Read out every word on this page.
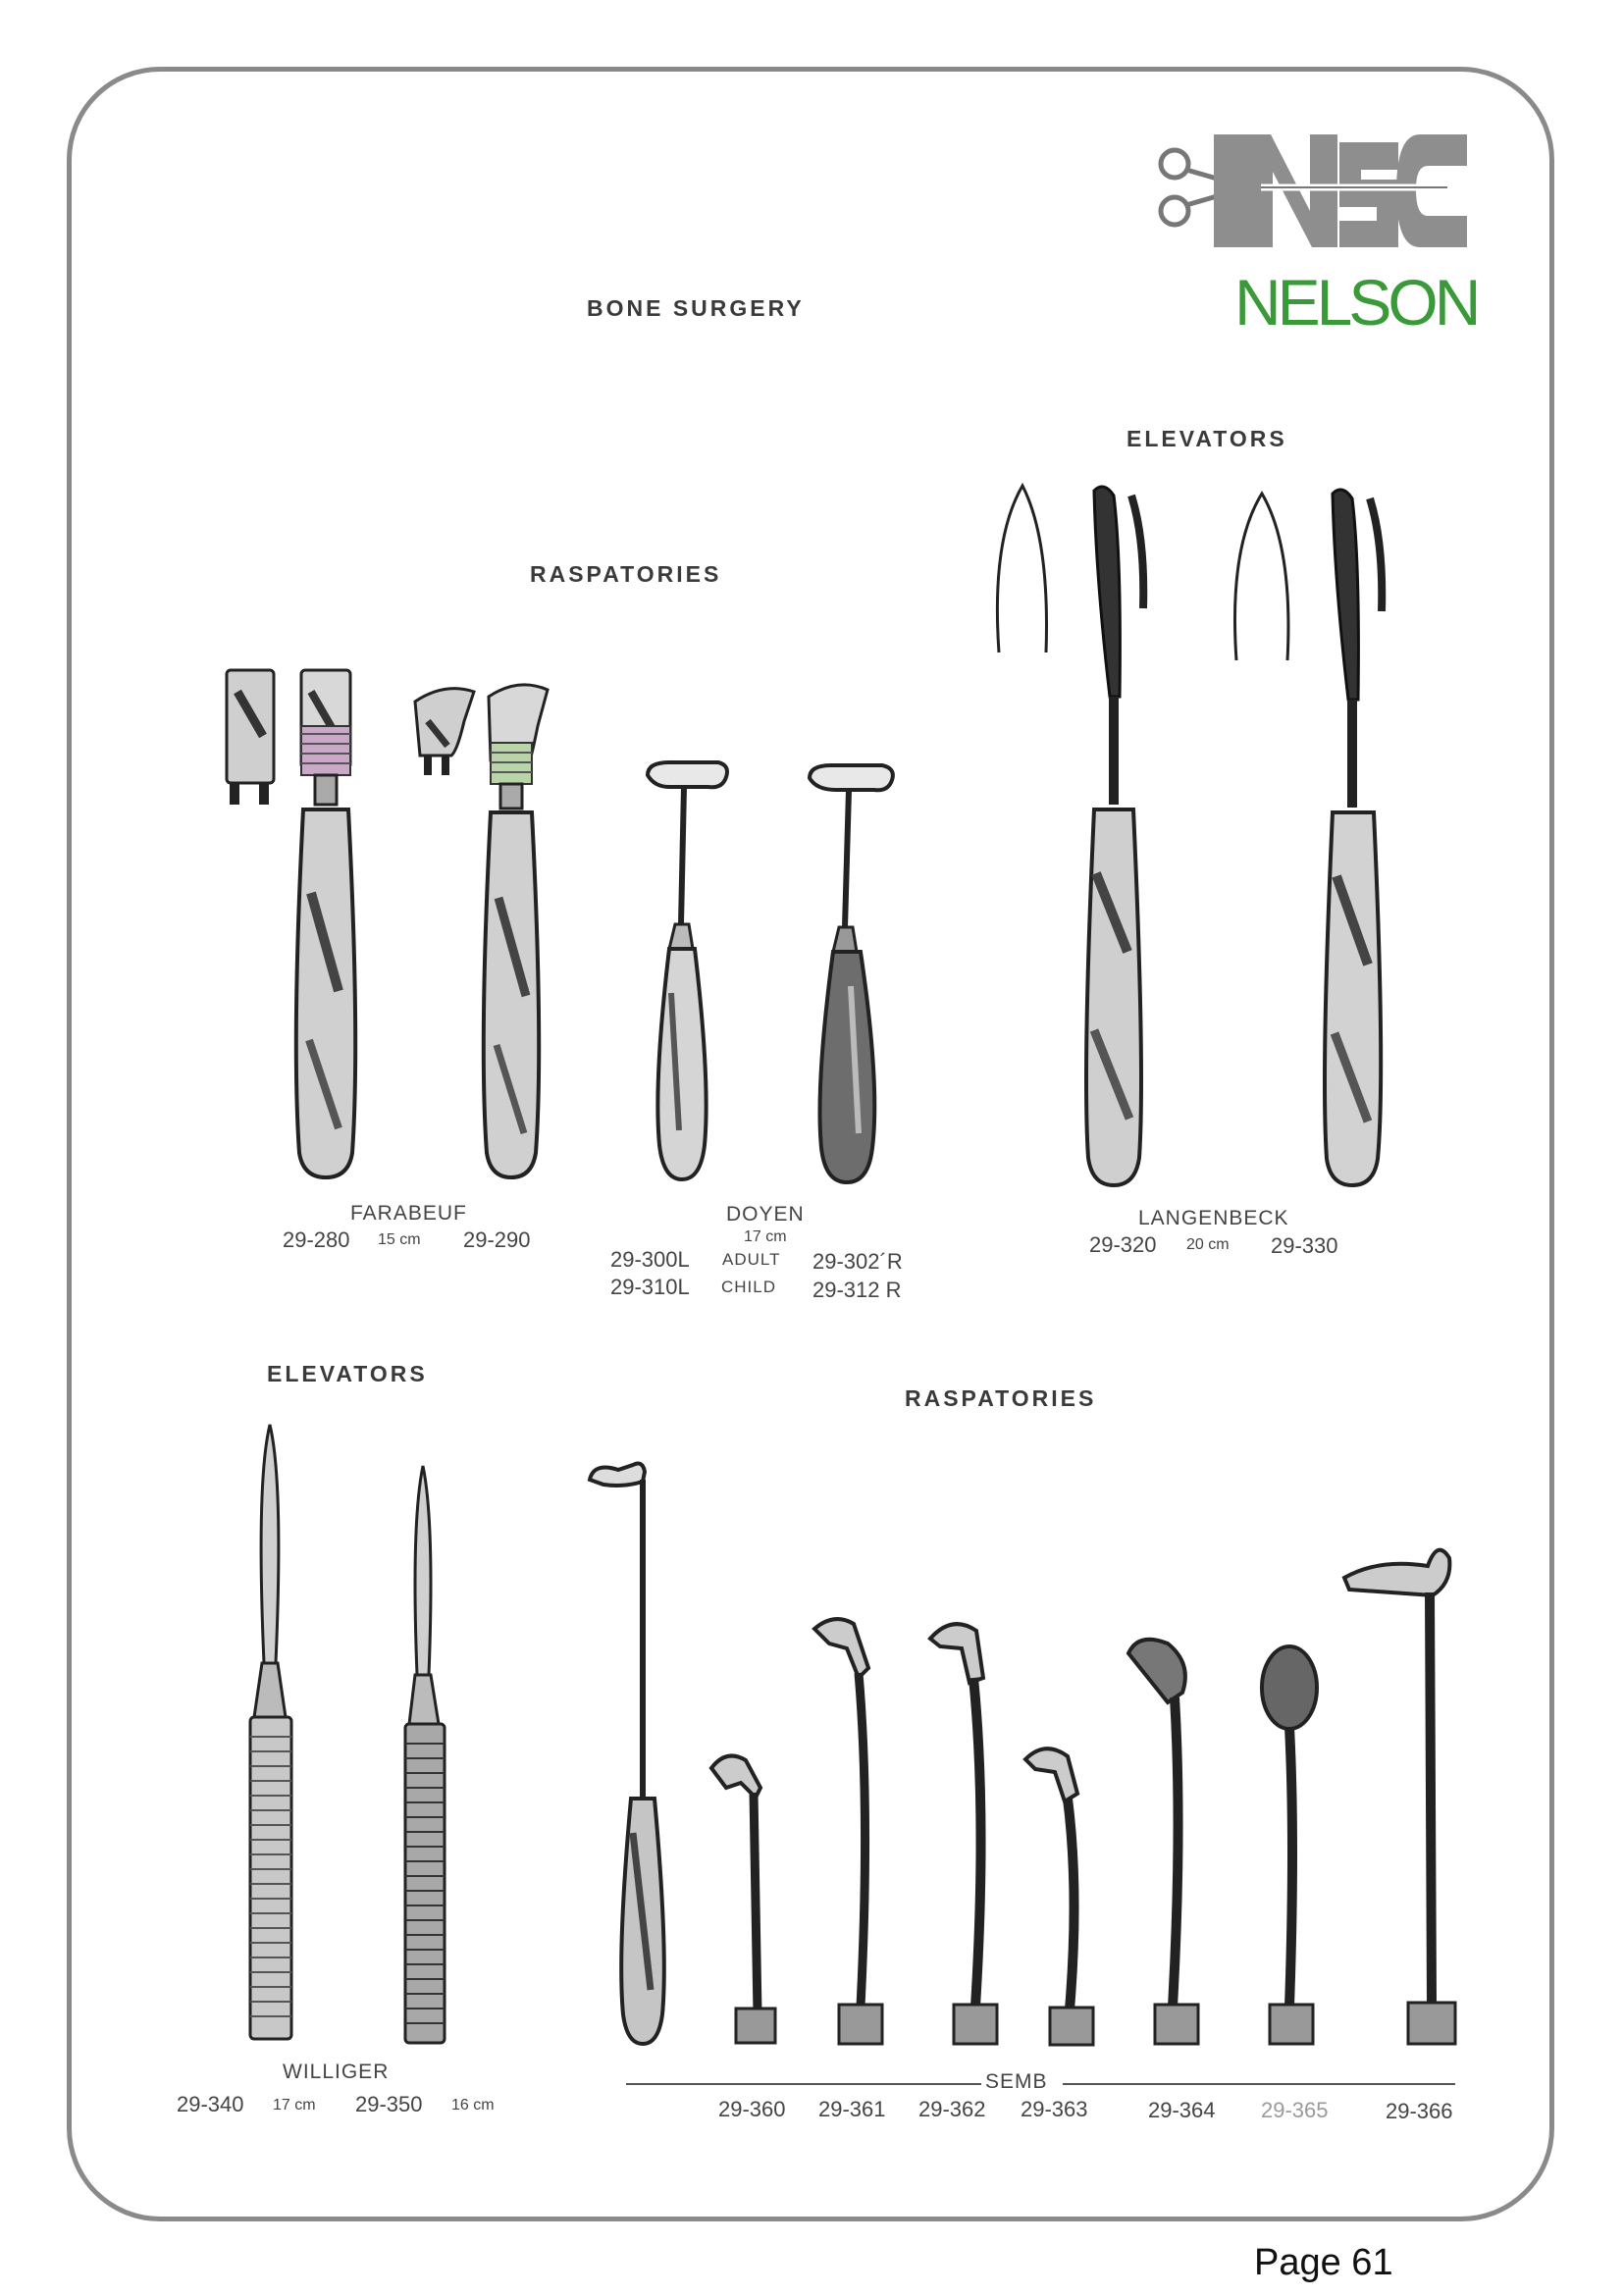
NELSON
BONE SURGERY
ELEVATORS
RASPATORIES
ELEVATORS
RASPATORIES
FARABEUF
29-280 15 cm 29-290
DOYEN
17 cm
29-300L ADULT 29-302´R
29-310L CHILD 29-312 R
LANGENBECK
29-320 20 cm 29-330
WILLIGER
29-340 17 cm 29-350 16 cm
SEMB
29-360 29-361 29-362 29-363	29-364 29-365	29-366
Page 61
